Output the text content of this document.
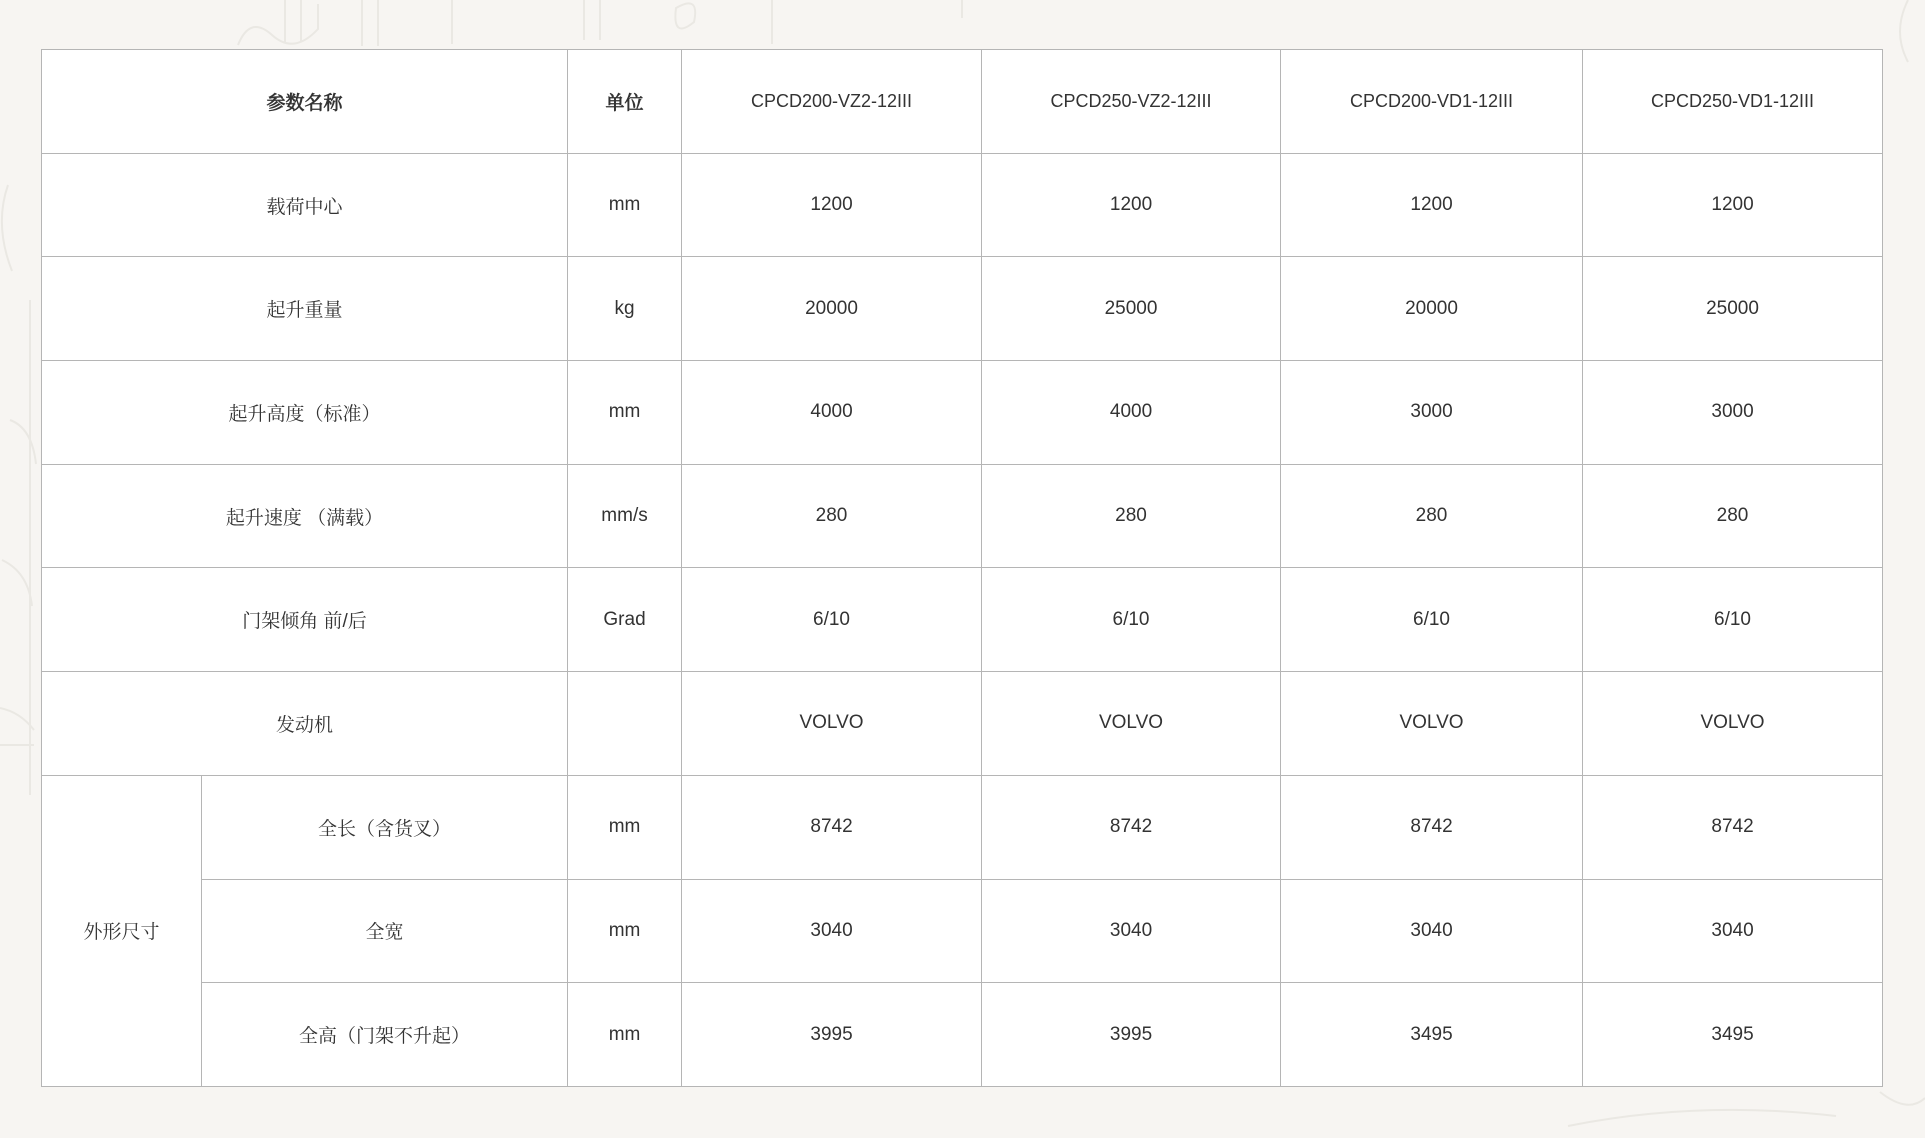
参数名称		单位	CPCD200-VZ2-12III	CPCD250-VZ2-12III	CPCD200-VD1-12III	CPCD250-VD1-12III
载荷中心		mm	1200	1200	1200	1200
起升重量		kg	20000	25000	20000	25000
起升高度（标准）		mm	4000	4000	3000	3000
起升速度 （满载）		mm/s	280	280	280	280
门架倾角 前/后		Grad	6/10	6/10	6/10	6/10
发动机			VOLVO	VOLVO	VOLVO	VOLVO
外形尺寸	全长（含货叉）	mm	8742	8742	8742	8742
	全宽	mm	3040	3040	3040	3040
	全高（门架不升起）	mm	3995	3995	3495	3495
